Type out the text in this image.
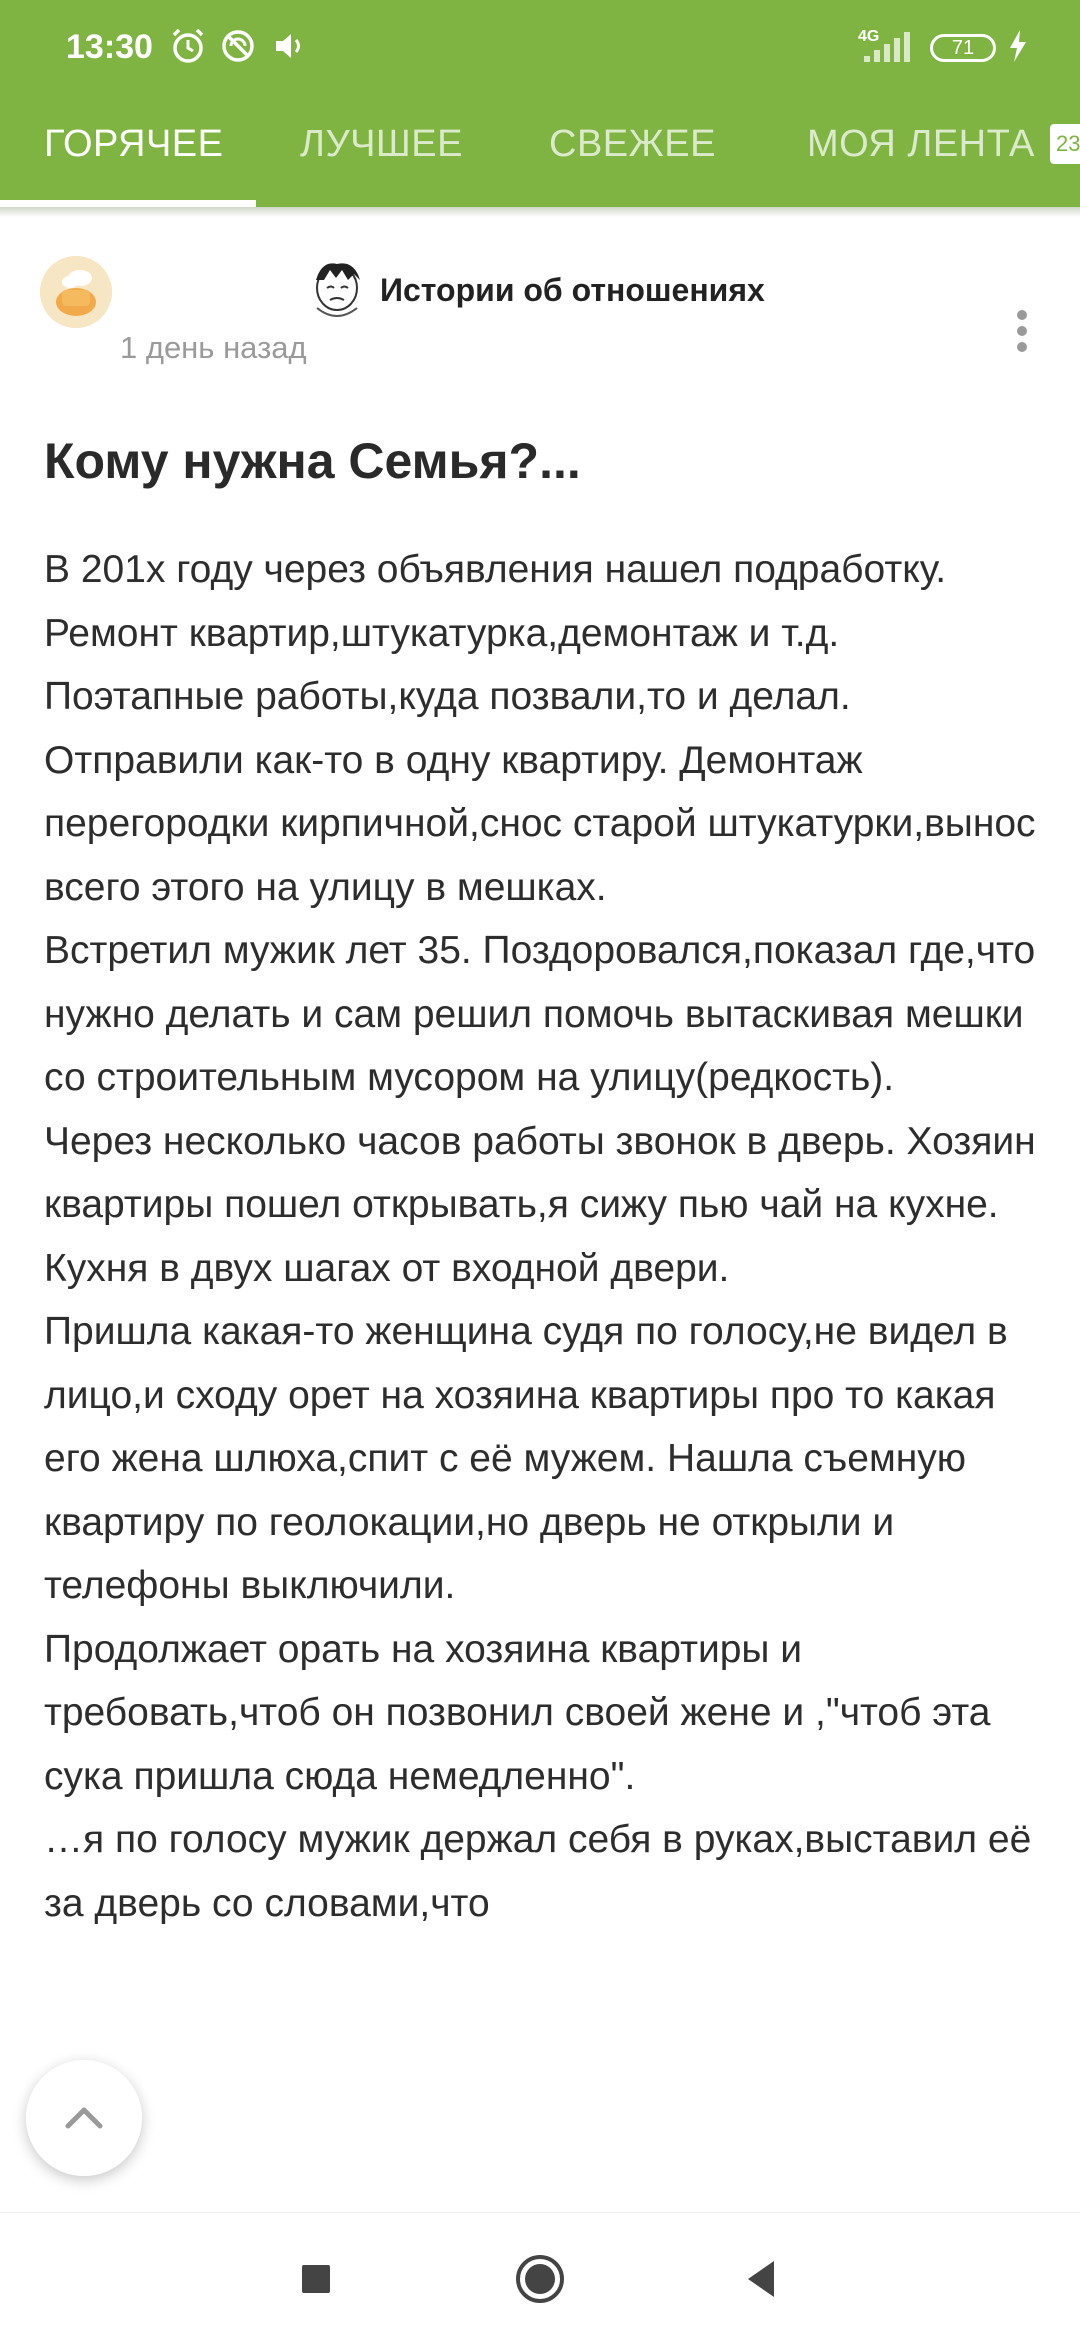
13:30	4G
71
ГОРЯЧЕЕ ЛУЧШЕЕ СВЕЖЕЕ МОЯ ЛЕНТА 23
Истории об отношениях
1 день назад
Кому нужна Семья?...

В 201х году через объявления нашел подработку. Ремонт квартир,штукатурка,демонтаж и т.д.

Поэтапные работы,куда позвали,то и делал.

Отправили как-то в одну квартиру. Демонтаж перегородки кирпичной,снос старой штукатурки,вынос всего этого на улицу в мешках.

Встретил мужик лет 35. Поздоровался,показал где,что нужно делать и сам решил помочь вытаскивая мешки со строительным мусором на улицу(редкость).

Через несколько часов работы звонок в дверь. Хозяин квартиры пошел открывать,я сижу пью чай на кухне. Кухня в двух шагах от входной двери.

Пришла какая-то женщина судя по голосу,не видел в лицо,и сходу орет на хозяина квартиры про то какая его жена шлюха,спит с её мужем. Нашла съемную квартиру по геолокации,но дверь не открыли и телефоны выключили.

Продолжает орать на хозяина квартиры и требовать,чтоб он позвонил своей жене и ,"чтоб эта сука пришла сюда немедленно".

…я по голосу мужик держал себя в руках,выставил её за дверь со словами,что
